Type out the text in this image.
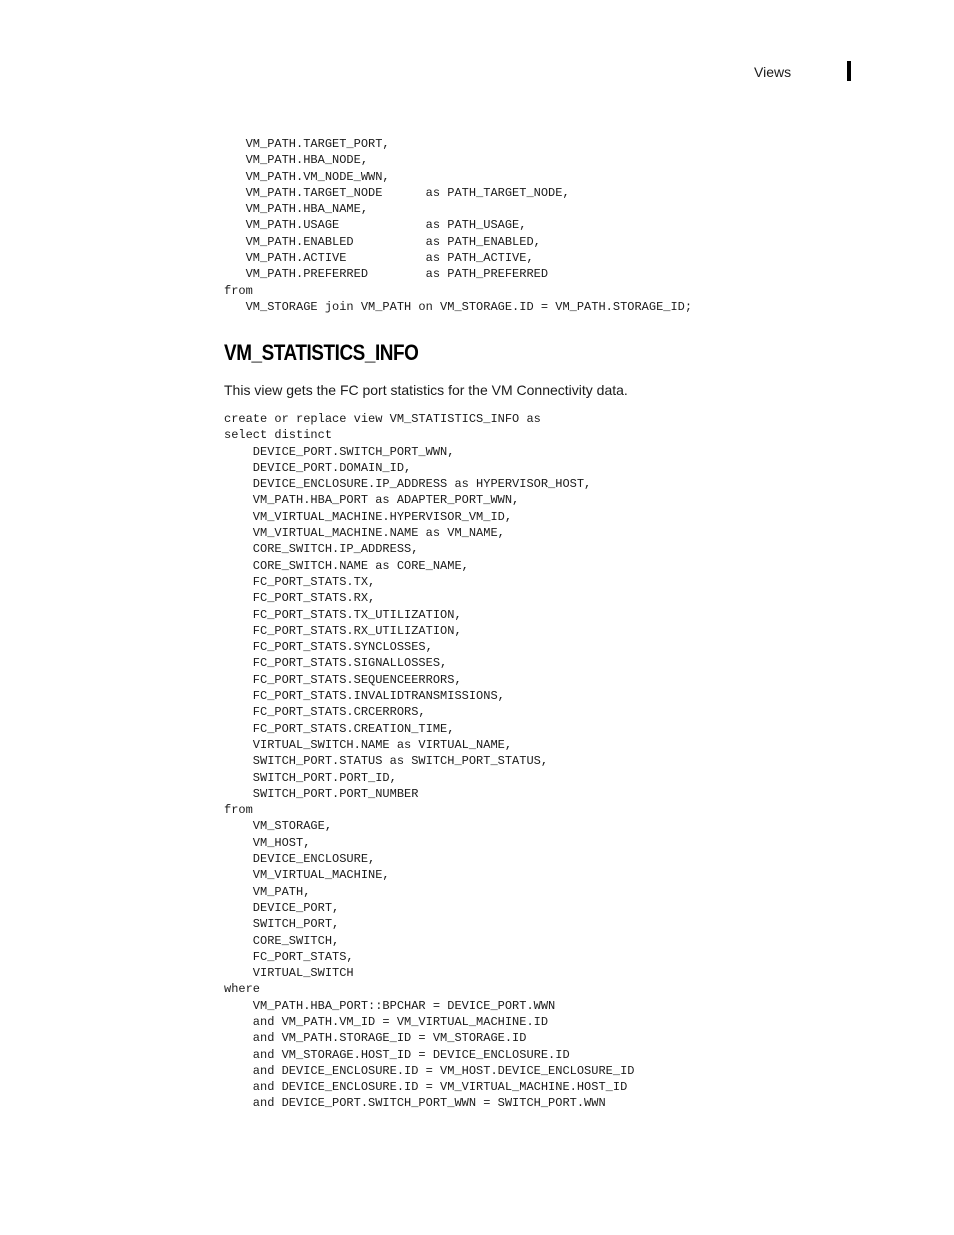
Views
VM_PATH.TARGET_PORT,
VM_PATH.HBA_NODE,
VM_PATH.VM_NODE_WWN,
VM_PATH.TARGET_NODE      as PATH_TARGET_NODE,
VM_PATH.HBA_NAME,
VM_PATH.USAGE            as PATH_USAGE,
VM_PATH.ENABLED          as PATH_ENABLED,
VM_PATH.ACTIVE           as PATH_ACTIVE,
VM_PATH.PREFERRED        as PATH_PREFERRED
from
VM_STORAGE join VM_PATH on VM_STORAGE.ID = VM_PATH.STORAGE_ID;
VM_STATISTICS_INFO

This view gets the FC port statistics for the VM Connectivity data.

create or replace view VM_STATISTICS_INFO as
select distinct
DEVICE_PORT.SWITCH_PORT_WWN,
DEVICE_PORT.DOMAIN_ID,
DEVICE_ENCLOSURE.IP_ADDRESS as HYPERVISOR_HOST,
VM_PATH.HBA_PORT as ADAPTER_PORT_WWN,
VM_VIRTUAL_MACHINE.HYPERVISOR_VM_ID,
VM_VIRTUAL_MACHINE.NAME as VM_NAME,
CORE_SWITCH.IP_ADDRESS,
CORE_SWITCH.NAME as CORE_NAME,
FC_PORT_STATS.TX,
FC_PORT_STATS.RX,
FC_PORT_STATS.TX_UTILIZATION,
FC_PORT_STATS.RX_UTILIZATION,
FC_PORT_STATS.SYNCLOSSES,
FC_PORT_STATS.SIGNALLOSSES,
FC_PORT_STATS.SEQUENCEERRORS,
FC_PORT_STATS.INVALIDTRANSMISSIONS,
FC_PORT_STATS.CRCERRORS,
FC_PORT_STATS.CREATION_TIME,
VIRTUAL_SWITCH.NAME as VIRTUAL_NAME,
SWITCH_PORT.STATUS as SWITCH_PORT_STATUS,
SWITCH_PORT.PORT_ID,
SWITCH_PORT.PORT_NUMBER
from
VM_STORAGE,
VM_HOST,
DEVICE_ENCLOSURE,
VM_VIRTUAL_MACHINE,
VM_PATH,
DEVICE_PORT,
SWITCH_PORT,
CORE_SWITCH,
FC_PORT_STATS,
VIRTUAL_SWITCH
where
VM_PATH.HBA_PORT::BPCHAR = DEVICE_PORT.WWN
and VM_PATH.VM_ID = VM_VIRTUAL_MACHINE.ID
and VM_PATH.STORAGE_ID = VM_STORAGE.ID
and VM_STORAGE.HOST_ID = DEVICE_ENCLOSURE.ID
and DEVICE_ENCLOSURE.ID = VM_HOST.DEVICE_ENCLOSURE_ID
and DEVICE_ENCLOSURE.ID = VM_VIRTUAL_MACHINE.HOST_ID
and DEVICE_PORT.SWITCH_PORT_WWN = SWITCH_PORT.WWN
